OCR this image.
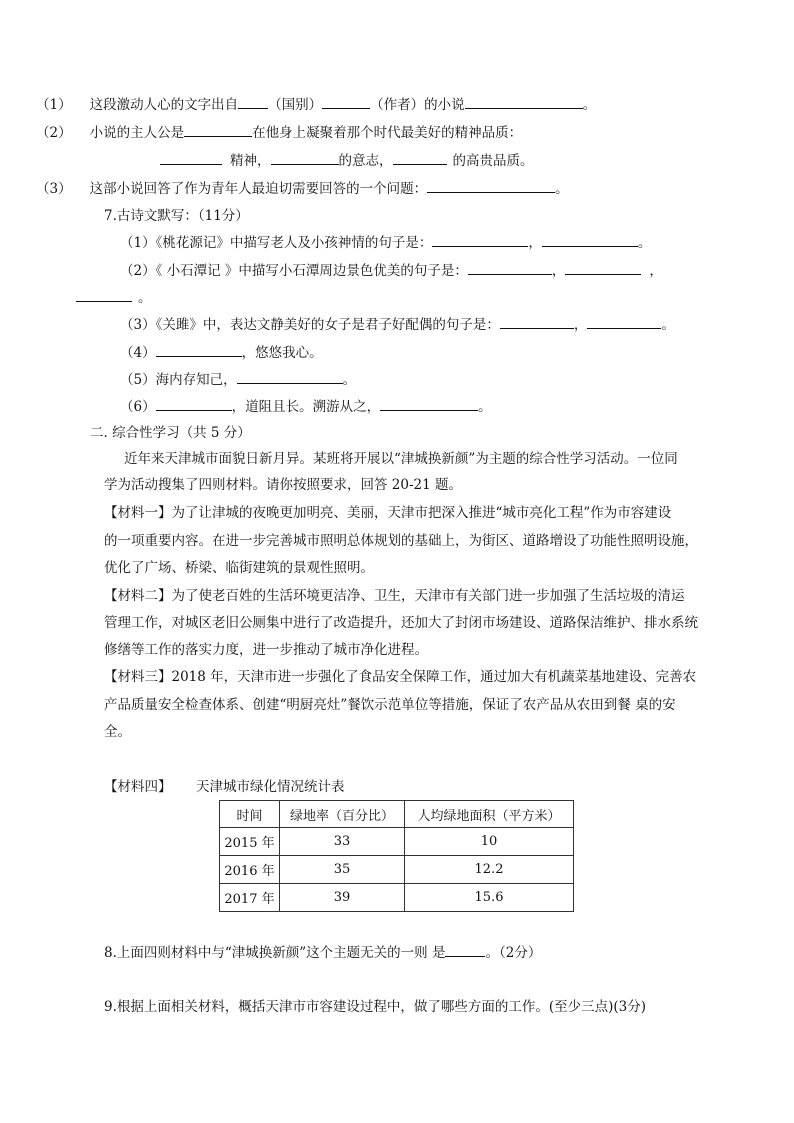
（1） 这段激动人心的文字出自 （国别）	（作者）的小说	。
（2） 小说的主人公是	在他身上凝聚着那个时代最美好的精神品质：
精神，	的意志，	的高贵品质。
（3） 这部小说回答了作为青年人最迫切需要回答的一个问题：	。
7.古诗文默写：（11分）
（1）《桃花源记》中描写老人及小孩神情的句子是：	，	。
（2）《 小石潭记 》中描写小石潭周边景色优美的句子是：	，	，
。
（3）《关雎》中，表达文静美好的女子是君子好配偶的句子是：	，	。
（4）	，悠悠我心。
（5）海内存知己，	。
（6）	，道阻且长。溯游从之，	。
二. 综合性学习（共 5 分）
近年来天津城市面貌日新月异。某班将开展以“津城换新颜”为主题的综合性学习活动。一位同
学为活动搜集了四则材料。请你按照要求，回答 20-21 题。
【材料一】为了让津城的夜晚更加明亮、美丽，天津市把深入推进“城市亮化工程”作为市容建设
的一项重要内容。在进一步完善城市照明总体规划的基础上，为街区、道路增设了功能性照明设施，
优化了广场、桥梁、临街建筑的景观性照明。
【材料二】为了使老百姓的生活环境更洁净、卫生，天津市有关部门进一步加强了生活垃圾的清运
管理工作，对城区老旧公厕集中进行了改造提升，还加大了封闭市场建设、道路保洁维护、排水系统
修缮等工作的落实力度，进一步推动了城市净化进程。
【材料三】2018 年，天津市进一步强化了食品安全保障工作，通过加大有机蔬菜基地建设、完善农
产品质量安全检查体系、创建“明厨亮灶”餐饮示范单位等措施，保证了农产品从农田到餐 桌的安
全。
【材料四】 天津城市绿化情况统计表
时间	绿地率（百分比）	人均绿地面积（平方米）
2015 年	33	10
2016 年	35	12.2
2017 年	39	15.6
8.上面四则材料中与“津城换新颜”这个主题无关的一则 是	。（2分）
9.根据上面相关材料，概括天津市市容建设过程中，做了哪些方面的工作。(至少三点)(3分)
